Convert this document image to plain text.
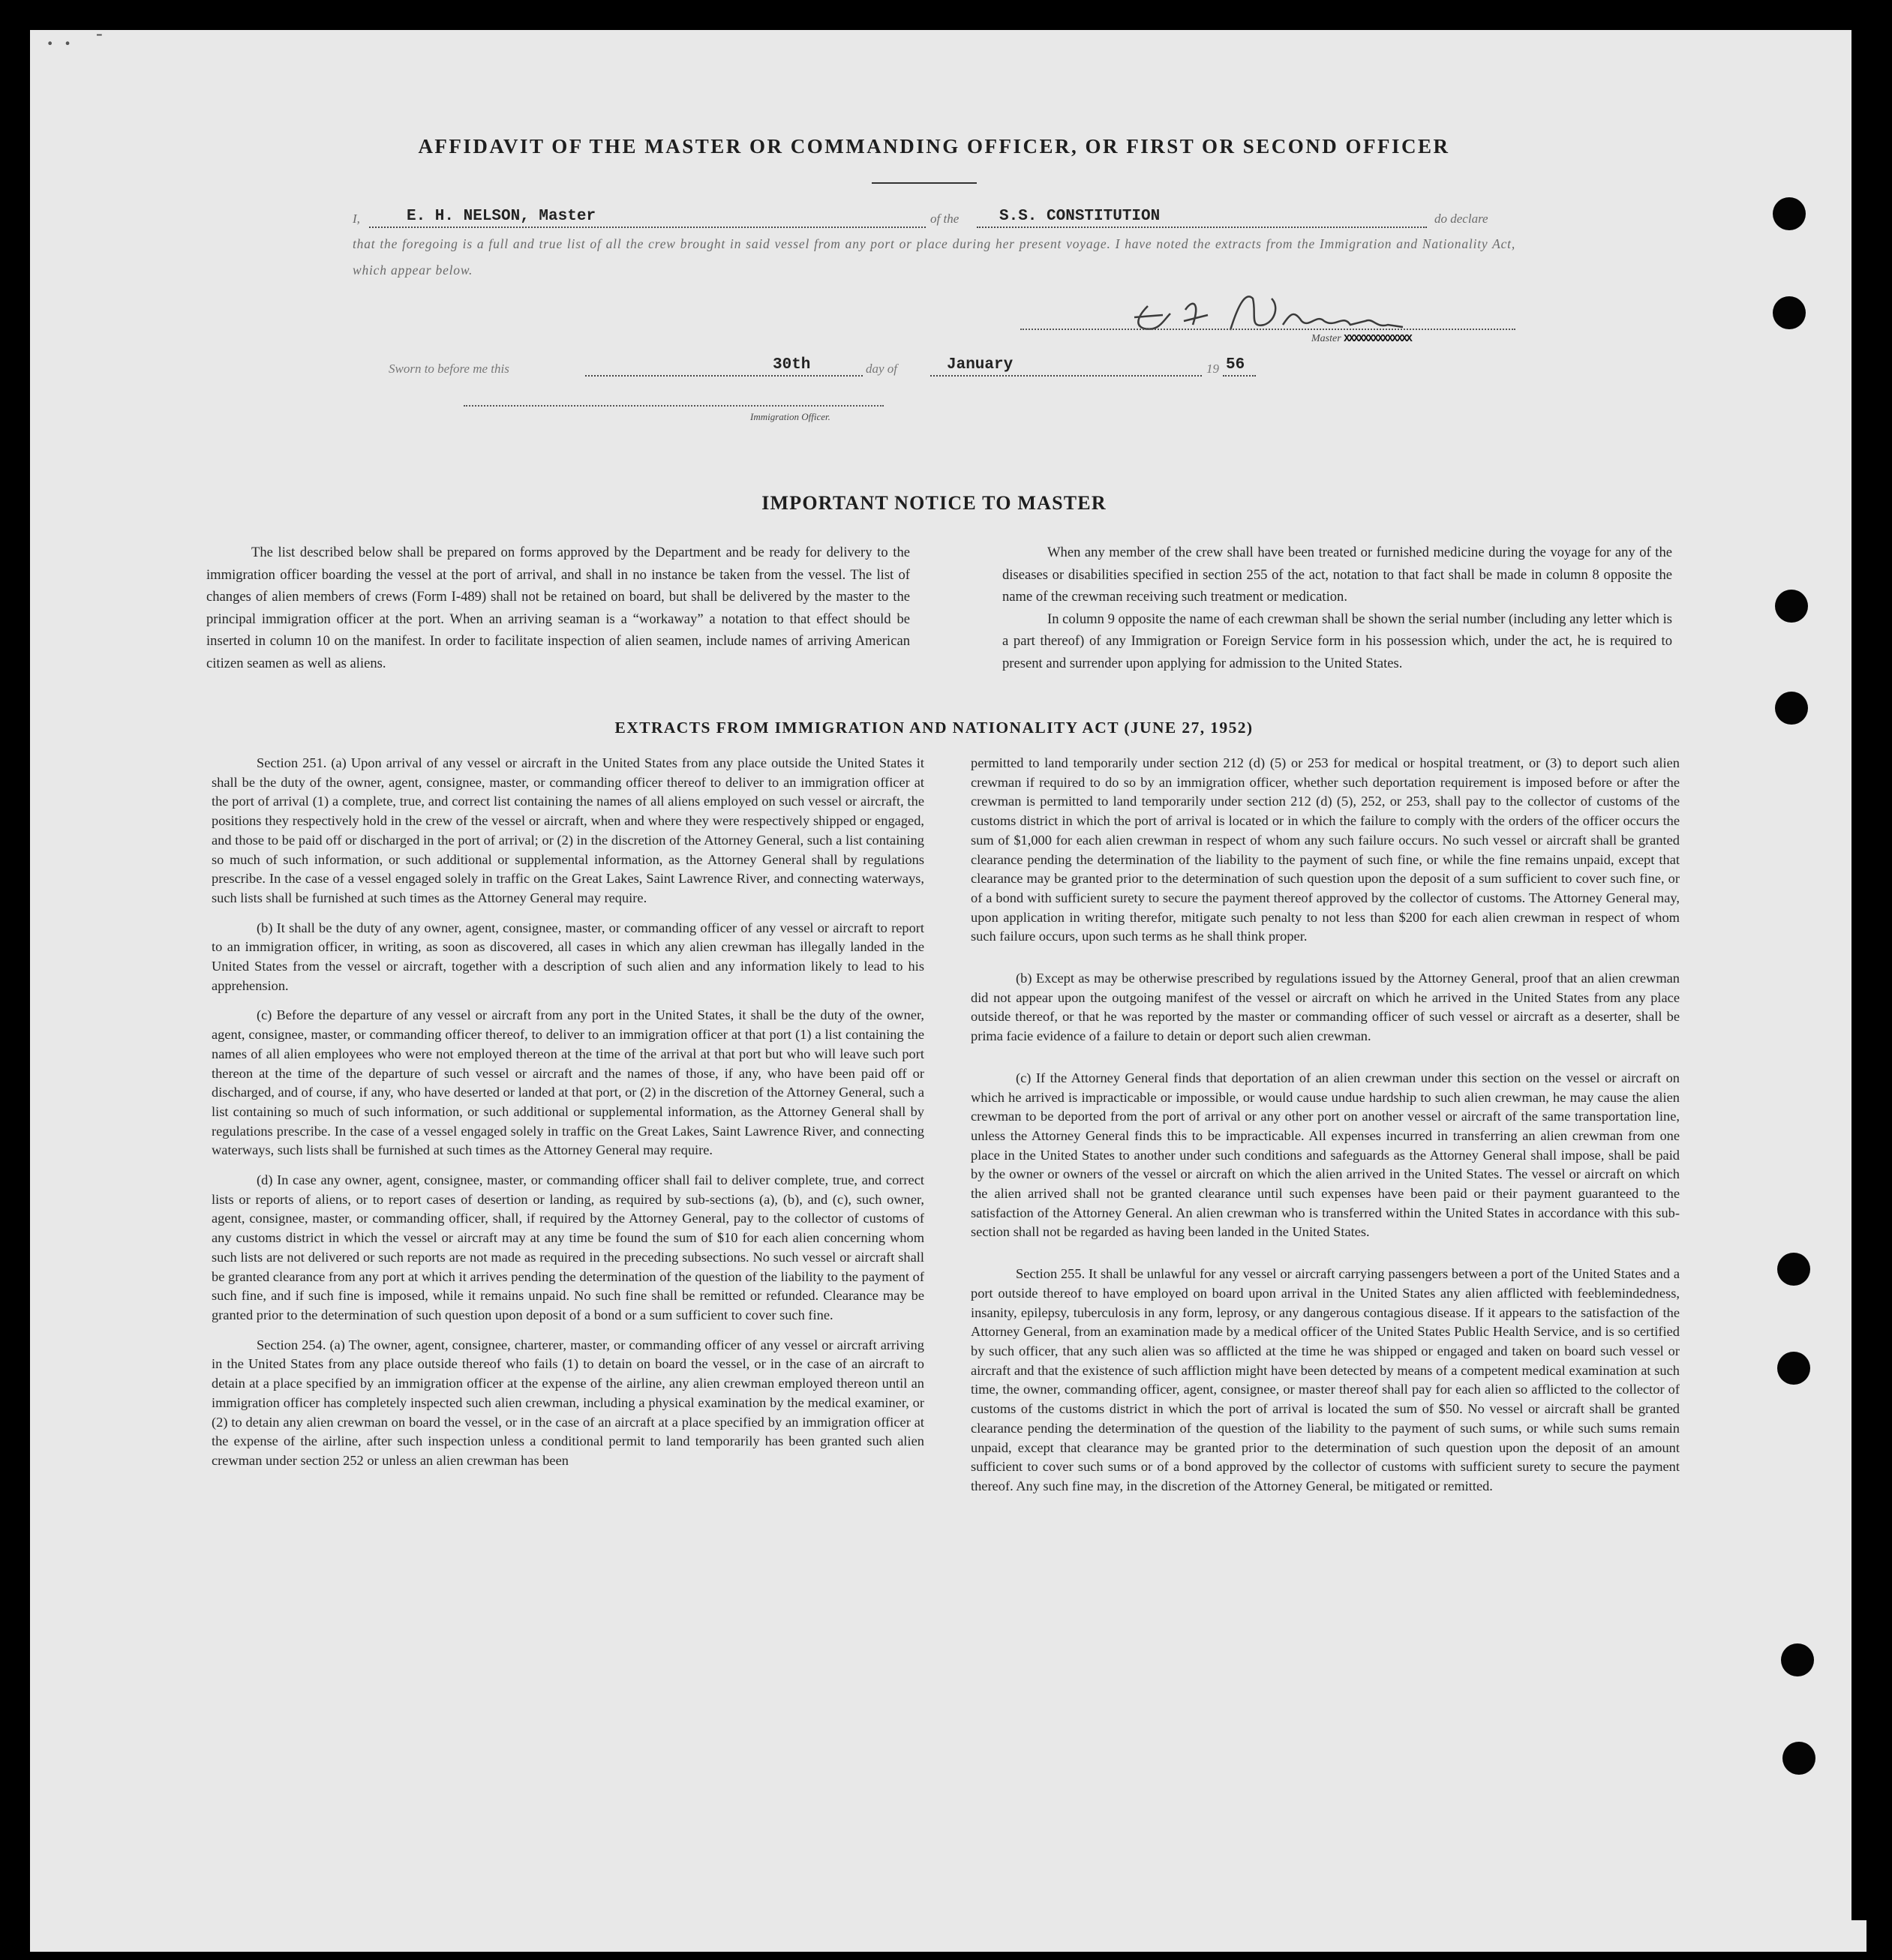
· · -
AFFIDAVIT OF THE MASTER OR COMMANDING OFFICER, OR FIRST OR SECOND OFFICER
I,	E. H. NELSON, Master	of the	S.S. CONSTITUTION	do declare

that the foregoing is a full and true list of all the crew brought in said vessel from any port or place during her present voyage. I have noted the extracts from the Immigration and Nationality Act, which appear below.

Master XXXXXXXXXXXXXX
Sworn to before me this	30th	day of	January	19 56
Immigration Officer.
IMPORTANT NOTICE TO MASTER

The list described below shall be prepared on forms approved by the Department and be ready for delivery to the immigration officer boarding the vessel at the port of arrival, and shall in no instance be taken from the vessel. The list of changes of alien members of crews (Form I-489) shall not be retained on board, but shall be delivered by the master to the principal immigration officer at the port. When an arriving seaman is a “workaway” a notation to that effect should be inserted in column 10 on the manifest. In order to facilitate inspection of alien seamen, include names of arriving American citizen seamen as well as aliens.

When any member of the crew shall have been treated or furnished medicine during the voyage for any of the diseases or disabilities specified in section 255 of the act, notation to that fact shall be made in column 8 opposite the name of the crewman receiving such treatment or medication.

In column 9 opposite the name of each crewman shall be shown the serial number (including any letter which is a part thereof) of any Immigration or Foreign Service form in his possession which, under the act, he is required to present and surrender upon applying for admission to the United States.

EXTRACTS FROM IMMIGRATION AND NATIONALITY ACT (JUNE 27, 1952)

Section 251. (a) Upon arrival of any vessel or aircraft in the United States from any place outside the United States it shall be the duty of the owner, agent, consignee, master, or commanding officer thereof to deliver to an immigration officer at the port of arrival (1) a complete, true, and correct list containing the names of all aliens employed on such vessel or aircraft, the positions they respectively hold in the crew of the vessel or aircraft, when and where they were respectively shipped or engaged, and those to be paid off or discharged in the port of arrival; or (2) in the discretion of the Attorney General, such a list containing so much of such information, or such additional or supplemental information, as the Attorney General shall by regulations prescribe. In the case of a vessel engaged solely in traffic on the Great Lakes, Saint Lawrence River, and connecting waterways, such lists shall be furnished at such times as the Attorney General may require.

(b) It shall be the duty of any owner, agent, consignee, master, or commanding officer of any vessel or aircraft to report to an immigration officer, in writing, as soon as discovered, all cases in which any alien crewman has illegally landed in the United States from the vessel or aircraft, together with a description of such alien and any information likely to lead to his apprehension.

(c) Before the departure of any vessel or aircraft from any port in the United States, it shall be the duty of the owner, agent, consignee, master, or commanding officer thereof, to deliver to an immigration officer at that port (1) a list containing the names of all alien employees who were not employed thereon at the time of the arrival at that port but who will leave such port thereon at the time of the departure of such vessel or aircraft and the names of those, if any, who have been paid off or discharged, and of course, if any, who have deserted or landed at that port, or (2) in the discretion of the Attorney General, such a list containing so much of such information, or such additional or supplemental information, as the Attorney General shall by regulations prescribe. In the case of a vessel engaged solely in traffic on the Great Lakes, Saint Lawrence River, and connecting waterways, such lists shall be furnished at such times as the Attorney General may require.

(d) In case any owner, agent, consignee, master, or commanding officer shall fail to deliver complete, true, and correct lists or reports of aliens, or to report cases of desertion or landing, as required by sub-sections (a), (b), and (c), such owner, agent, consignee, master, or commanding officer, shall, if required by the Attorney General, pay to the collector of customs of any customs district in which the vessel or aircraft may at any time be found the sum of $10 for each alien concerning whom such lists are not delivered or such reports are not made as required in the preceding subsections. No such vessel or aircraft shall be granted clearance from any port at which it arrives pending the determination of the question of the liability to the payment of such fine, and if such fine is imposed, while it remains unpaid. No such fine shall be remitted or refunded. Clearance may be granted prior to the determination of such question upon deposit of a bond or a sum sufficient to cover such fine.

Section 254. (a) The owner, agent, consignee, charterer, master, or commanding officer of any vessel or aircraft arriving in the United States from any place outside thereof who fails (1) to detain on board the vessel, or in the case of an aircraft to detain at a place specified by an immigration officer at the expense of the airline, any alien crewman employed thereon until an immigration officer has completely inspected such alien crewman, including a physical examination by the medical examiner, or (2) to detain any alien crewman on board the vessel, or in the case of an aircraft at a place specified by an immigration officer at the expense of the airline, after such inspection unless a conditional permit to land temporarily has been granted such alien crewman under section 252 or unless an alien crewman has been

permitted to land temporarily under section 212 (d) (5) or 253 for medical or hospital treatment, or (3) to deport such alien crewman if required to do so by an immigration officer, whether such deportation requirement is imposed before or after the crewman is permitted to land temporarily under section 212 (d) (5), 252, or 253, shall pay to the collector of customs of the customs district in which the port of arrival is located or in which the failure to comply with the orders of the officer occurs the sum of $1,000 for each alien crewman in respect of whom any such failure occurs. No such vessel or aircraft shall be granted clearance pending the determination of the liability to the payment of such fine, or while the fine remains unpaid, except that clearance may be granted prior to the determination of such question upon the deposit of a sum sufficient to cover such fine, or of a bond with sufficient surety to secure the payment thereof approved by the collector of customs. The Attorney General may, upon application in writing therefor, mitigate such penalty to not less than $200 for each alien crewman in respect of whom such failure occurs, upon such terms as he shall think proper.

(b) Except as may be otherwise prescribed by regulations issued by the Attorney General, proof that an alien crewman did not appear upon the outgoing manifest of the vessel or aircraft on which he arrived in the United States from any place outside thereof, or that he was reported by the master or commanding officer of such vessel or aircraft as a deserter, shall be prima facie evidence of a failure to detain or deport such alien crewman.

(c) If the Attorney General finds that deportation of an alien crewman under this section on the vessel or aircraft on which he arrived is impracticable or impossible, or would cause undue hardship to such alien crewman, he may cause the alien crewman to be deported from the port of arrival or any other port on another vessel or aircraft of the same transportation line, unless the Attorney General finds this to be impracticable. All expenses incurred in transferring an alien crewman from one place in the United States to another under such conditions and safeguards as the Attorney General shall impose, shall be paid by the owner or owners of the vessel or aircraft on which the alien arrived in the United States. The vessel or aircraft on which the alien arrived shall not be granted clearance until such expenses have been paid or their payment guaranteed to the satisfaction of the Attorney General. An alien crewman who is transferred within the United States in accordance with this sub-section shall not be regarded as having been landed in the United States.

Section 255. It shall be unlawful for any vessel or aircraft carrying passengers between a port of the United States and a port outside thereof to have employed on board upon arrival in the United States any alien afflicted with feeblemindedness, insanity, epilepsy, tuberculosis in any form, leprosy, or any dangerous contagious disease. If it appears to the satisfaction of the Attorney General, from an examination made by a medical officer of the United States Public Health Service, and is so certified by such officer, that any such alien was so afflicted at the time he was shipped or engaged and taken on board such vessel or aircraft and that the existence of such affliction might have been detected by means of a competent medical examination at such time, the owner, commanding officer, agent, consignee, or master thereof shall pay for each alien so afflicted to the collector of customs of the customs district in which the port of arrival is located the sum of $50. No vessel or aircraft shall be granted clearance pending the determination of the question of the liability to the payment of such sums, or while such sums remain unpaid, except that clearance may be granted prior to the determination of such question upon the deposit of an amount sufficient to cover such sums or of a bond approved by the collector of customs with sufficient surety to secure the payment thereof. Any such fine may, in the discretion of the Attorney General, be mitigated or remitted.
